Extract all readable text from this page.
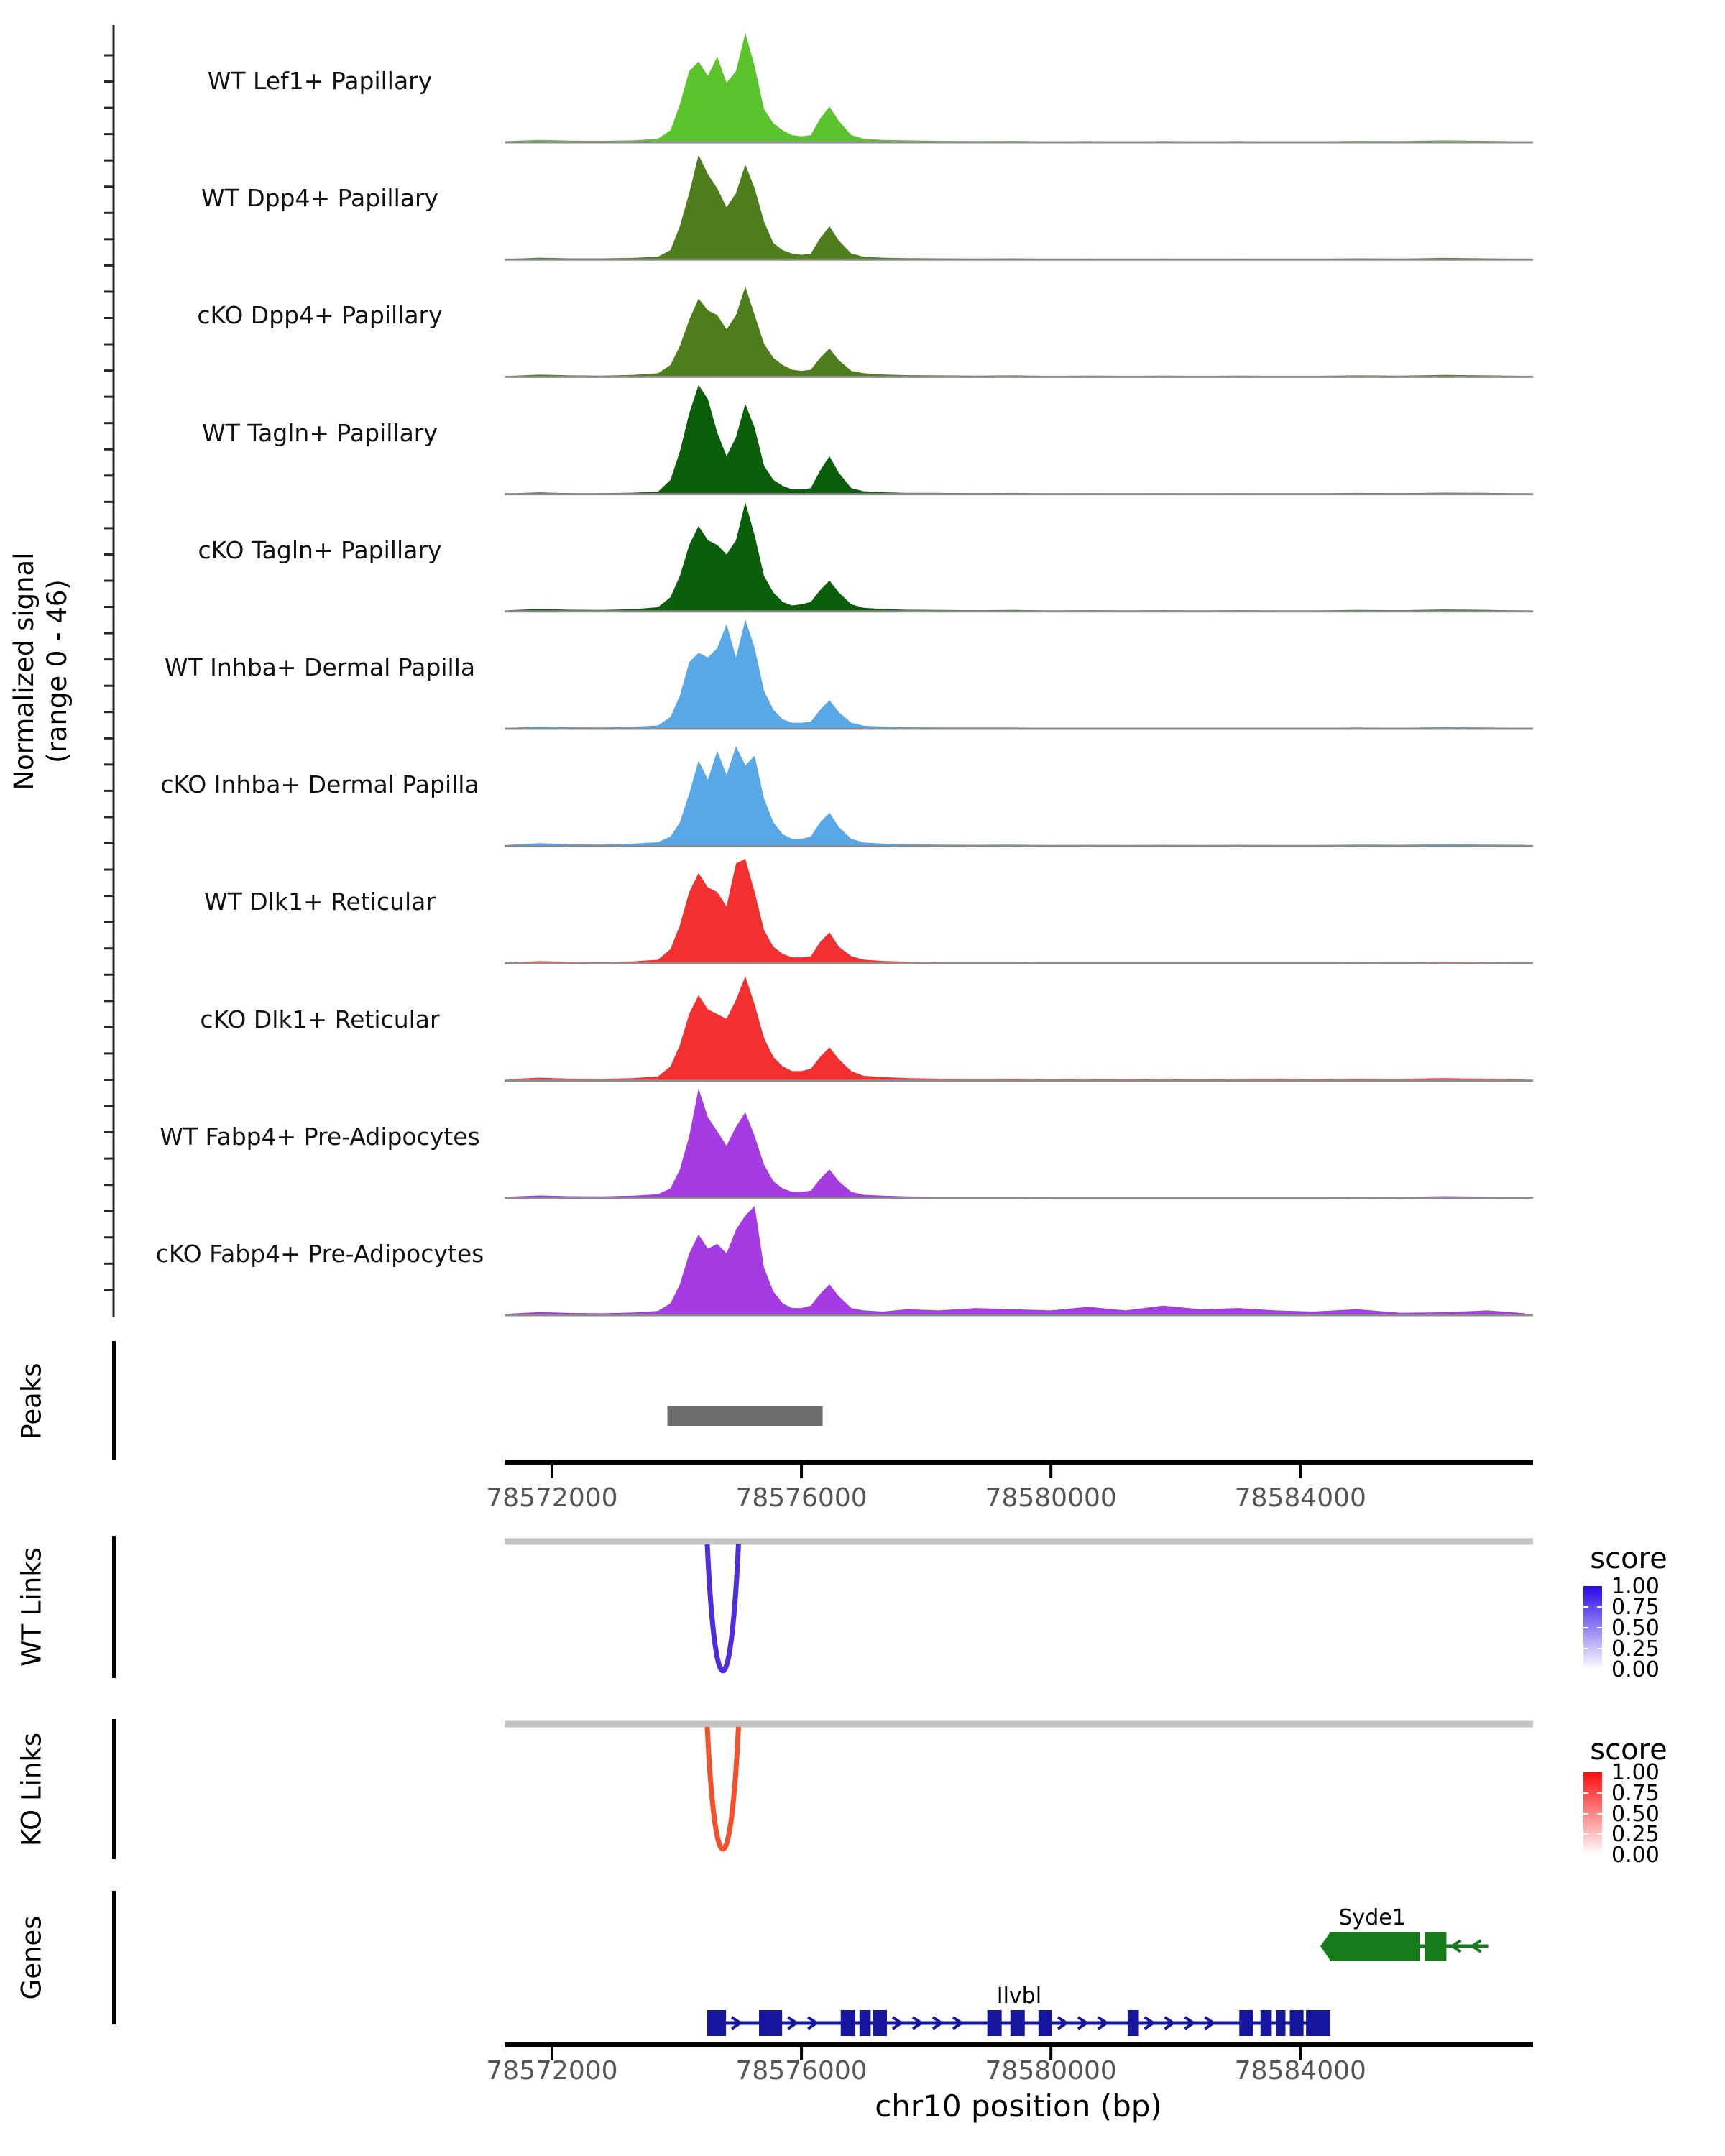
Normalized signal (range 0 - 46)
Peaks
WT Links
KO Links
Genes
WT Lef1+ Papillary
WT Dpp4+ Papillary
cKO Dpp4+ Papillary
WT Tagln+ Papillary
cKO Tagln+ Papillary
WT Inhba+ Dermal Papilla
cKO Inhba+ Dermal Papilla
WT Dlk1+ Reticular
cKO Dlk1+ Reticular
WT Fabp4+ Pre-Adipocytes
cKO Fabp4+ Pre-Adipocytes
78572000	78576000	78580000	78584000
78572000	78576000	78580000	78584000
score
1.00
0.75
0.50
0.25
0.00
score
1.00
0.75
0.50
0.25
0.00
Syde1
Ilvbl
chr10 position (bp)
